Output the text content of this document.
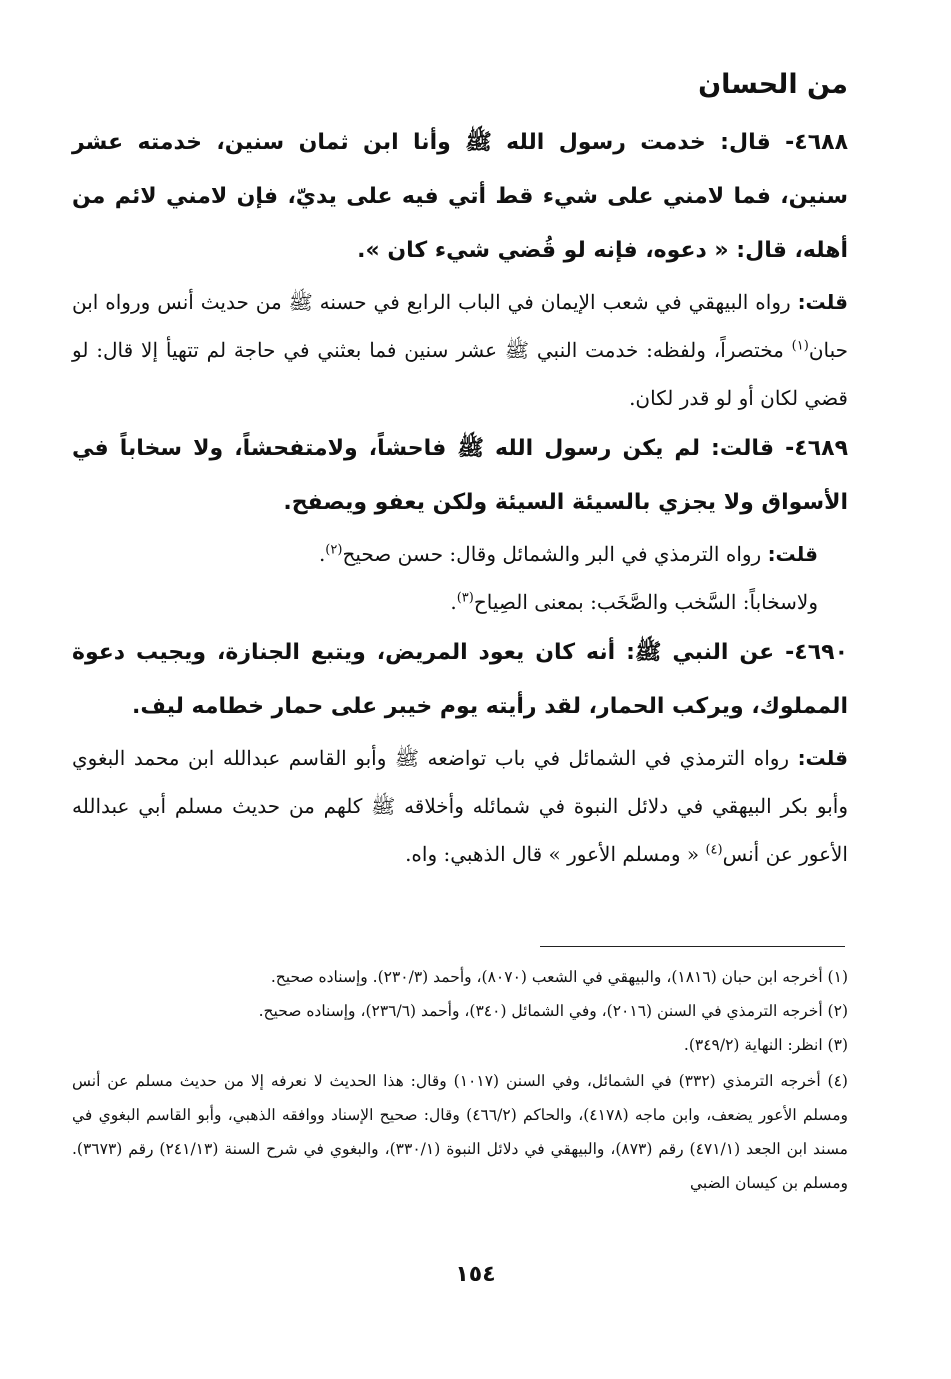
من الحسان

٤٦٨٨- قال: خدمت رسول الله ﷺ وأنا ابن ثمان سنين، خدمته عشر سنين، فما لامني على شيء قط أتي فيه على يديّ، فإن لامني لائم من أهله، قال: « دعوه، فإنه لو قُضي شيء كان ».

قلت: رواه البيهقي في شعب الإيمان في الباب الرابع في حسنه ﷺ من حديث أنس ورواه ابن حبان$^{(١)}$ مختصراً، ولفظه: خدمت النبي ﷺ عشر سنين فما بعثني في حاجة لم تتهيأ إلا قال: لو قضي لكان أو لو قدر لكان.

٤٦٨٩- قالت: لم يكن رسول الله ﷺ فاحشاً، ولامتفحشاً، ولا سخاباً في الأسواق ولا يجزي بالسيئة السيئة ولكن يعفو ويصفح.

قلت: رواه الترمذي في البر والشمائل وقال: حسن صحيح$^{(٢)}$.

ولاسخاباً: السَّخب والصَّخَب: بمعنى الصِياح$^{(٣)}$.

٤٦٩٠- عن النبي ﷺ: أنه كان يعود المريض، ويتبع الجنازة، ويجيب دعوة المملوك، ويركب الحمار، لقد رأيته يوم خيبر على حمار خطامه ليف.

قلت: رواه الترمذي في الشمائل في باب تواضعه ﷺ وأبو القاسم عبدالله ابن محمد البغوي وأبو بكر البيهقي في دلائل النبوة في شمائله وأخلاقه ﷺ كلهم من حديث مسلم أبي عبدالله الأعور عن أنس$^{(٤)}$ « ومسلم الأعور » قال الذهبي: واه.

(١) أخرجه ابن حبان (١٨١٦)، والبيهقي في الشعب (٨٠٧٠)، وأحمد (٢٣٠/٣). وإسناده صحيح.

(٢) أخرجه الترمذي في السنن (٢٠١٦)، وفي الشمائل (٣٤٠)، وأحمد (٢٣٦/٦)، وإسناده صحيح.

(٣) انظر: النهاية (٣٤٩/٢).

(٤) أخرجه الترمذي (٣٣٢) في الشمائل، وفي السنن (١٠١٧) وقال: هذا الحديث لا نعرفه إلا من حديث مسلم عن أنس ومسلم الأعور يضعف، وابن ماجه (٤١٧٨)، والحاكم (٤٦٦/٢) وقال: صحيح الإسناد ووافقه الذهبي، وأبو القاسم البغوي في مسند ابن الجعد (٤٧١/١) رقم (٨٧٣)، والبيهقي في دلائل النبوة (٣٣٠/١)، والبغوي في شرح السنة (٢٤١/١٣) رقم (٣٦٧٣). ومسلم بن كيسان الضبي

١٥٤
